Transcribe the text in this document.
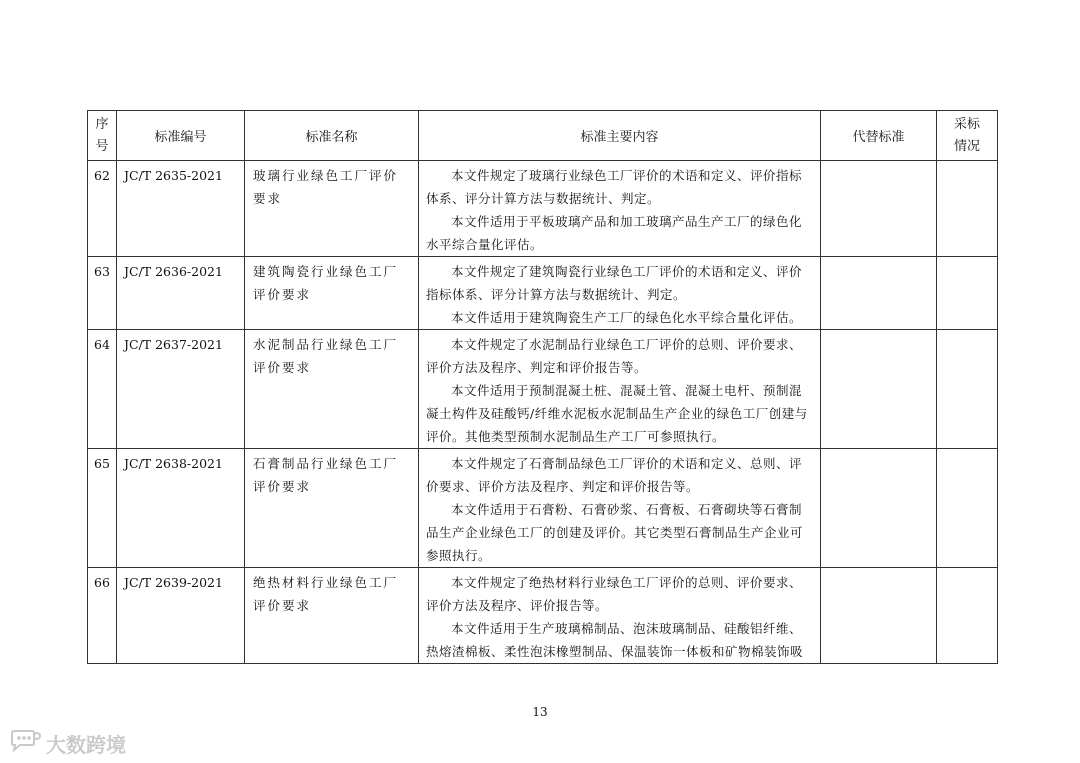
序
号	标准编号	标准名称	标准主要内容	代替标准	采标
情况

62	JC/T 2635-2021	玻璃行业绿色工厂评价要求	本文件规定了玻璃行业绿色工厂评价的术语和定义、评价指标体系、评分计算方法与数据统计、判定。

本文件适用于平板玻璃产品和加工玻璃产品生产工厂的绿色化水平综合量化评估。		

63	JC/T 2636-2021	建筑陶瓷行业绿色工厂评价要求	本文件规定了建筑陶瓷行业绿色工厂评价的术语和定义、评价指标体系、评分计算方法与数据统计、判定。

本文件适用于建筑陶瓷生产工厂的绿色化水平综合量化评估。		

64	JC/T 2637-2021	水泥制品行业绿色工厂评价要求	本文件规定了水泥制品行业绿色工厂评价的总则、评价要求、评价方法及程序、判定和评价报告等。

本文件适用于预制混凝土桩、混凝土管、混凝土电杆、预制混凝土构件及硅酸钙/纤维水泥板水泥制品生产企业的绿色工厂创建与评价。其他类型预制水泥制品生产工厂可参照执行。		

65	JC/T 2638-2021	石膏制品行业绿色工厂评价要求	本文件规定了石膏制品绿色工厂评价的术语和定义、总则、评价要求、评价方法及程序、判定和评价报告等。

本文件适用于石膏粉、石膏砂浆、石膏板、石膏砌块等石膏制品生产企业绿色工厂的创建及评价。其它类型石膏制品生产企业可参照执行。		

66	JC/T 2639-2021	绝热材料行业绿色工厂评价要求	本文件规定了绝热材料行业绿色工厂评价的总则、评价要求、评价方法及程序、评价报告等。

本文件适用于生产玻璃棉制品、泡沫玻璃制品、硅酸铝纤维、热熔渣棉板、柔性泡沫橡塑制品、保温装饰一体板和矿物棉装饰吸		

13
大数跨境
